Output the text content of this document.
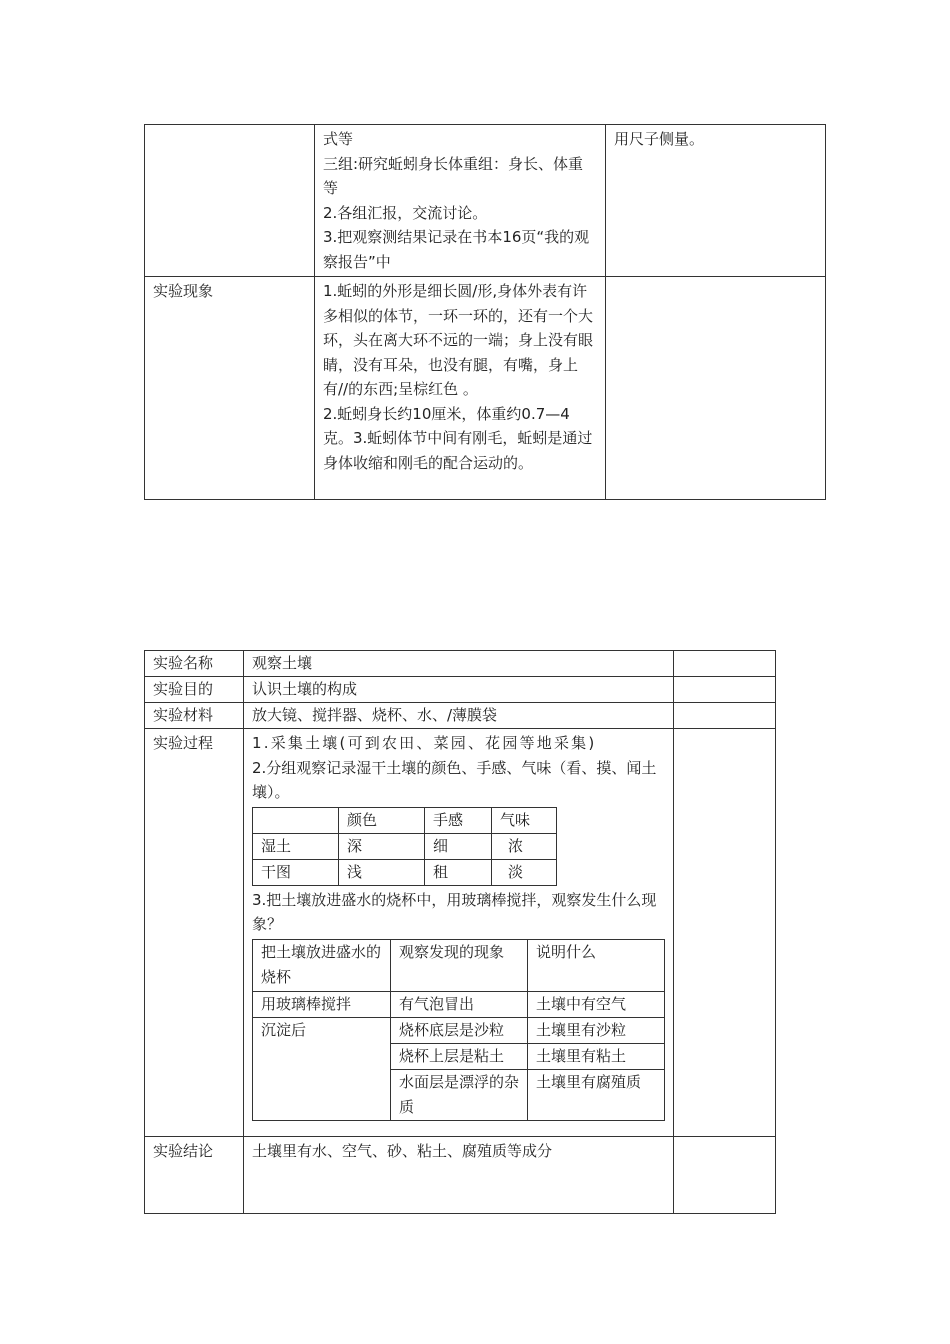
	式等
三组:研究蚯蚓身长体重组：身长、体重等
2.各组汇报，交流讨论。
3.把观察测结果记录在书本16页“我的观察报告”中	用尺子侧量。
实验现象	1.蚯蚓的外形是细长圆/形,身体外表有许多相似的体节，一环一环的，还有一个大环，头在离大环不远的一端；身上没有眼睛，没有耳朵，也没有腿，有嘴，身上有//的东西;呈棕红色 。
2.蚯蚓身长约10厘米，体重约0.7—4克。3.蚯蚓体节中间有刚毛，蚯蚓是通过身体收缩和刚毛的配合运动的。	

实验名称	观察土壤	
实验目的	认识土壤的构成	
实验材料	放大镜、搅拌器、烧杯、水、/薄膜袋	
实验过程	1.采集土壤(可到农田、菜园、花园等地采集)
2.分组观察记录湿干土壤的颜色、手感、气味（看、摸、闻土壤）。
	颜色	手感	气味
湿土	深	细	浓
干图	浅	租	淡
3.把土壤放进盛水的烧杯中，用玻璃棒搅拌，观察发生什么现象？
把土壤放进盛水的烧杯	观察发现的现象	说明什么
用玻璃棒搅拌	有气泡冒出	土壤中有空气
沉淀后	烧杯底层是沙粒	土壤里有沙粒
烧杯上层是粘土	土壤里有粘土
水面层是漂浮的杂质	土壤里有腐殖质

实验结论	土壤里有水、空气、砂、粘土、腐殖质等成分	
